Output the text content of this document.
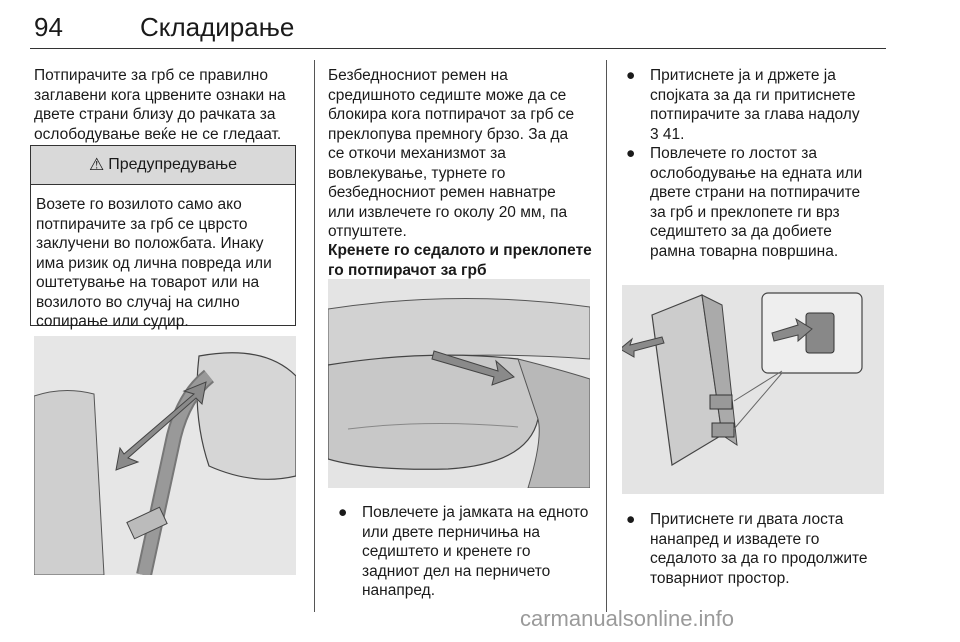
94	Складирање
Потпирачите за грб се правилно
заглавени кога црвените ознаки на
двете страни близу до рачката за
ослободување веќе не се гледаат.
⚠ Предупредување
Возете го возилото само ако
потпирачите за грб се цврсто
заклучени во положбата. Инаку
има ризик од лична повреда или
оштетување на товарот или на
возилото во случај на силно
сопирање или судир.
Безбедносниот ремен на
средишното седиште може да се
блокира кога потпирачот за грб се
преклопува премногу брзо. За да
се откочи механизмот за
вовлекување, турнете го
безбедносниот ремен навнатре
или извлечете го околу 20 мм, па
отпуштете.
Кренете го седалото и преклопете
го потпирачот за грб
● Повлечете ја јамката на едното
или двете перничиња на
седиштето и кренете го
задниот дел на перничето
нанапред.
● Притиснете ја и држете ја
спојката за да ги притиснете
потпирачите за глава надолу
3 41.
● Повлечете го лостот за
ослободување на едната или
двете страни на потпирачите
за грб и преклопете ги врз
седиштето за да добиете
рамна товарна површина.
● Притиснете ги двата лоста
нанапред и извадете го
седалото за да го продолжите
товарниот простор.
carmanualsonline.info
